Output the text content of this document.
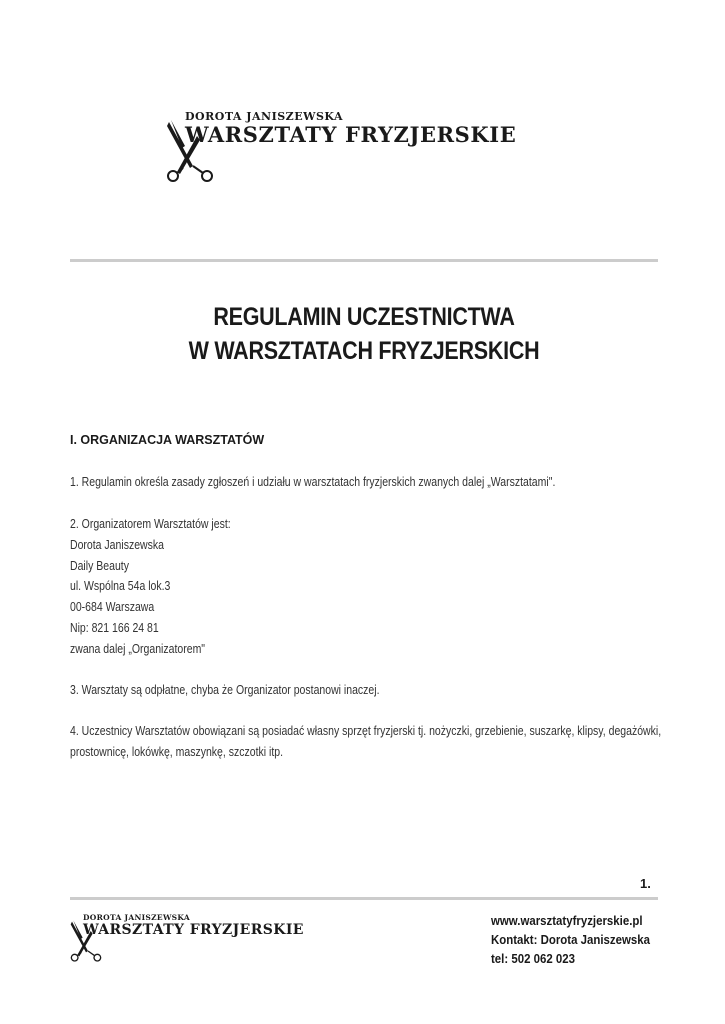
DOROTA JANISZEWSKA
WARSZTATY FRYZJERSKIE
REGULAMIN UCZESTNICTWA
W WARSZTATACH FRYZJERSKICH
I. ORGANIZACJA WARSZTATÓW
1. Regulamin określa zasady zgłoszeń i udziału w warsztatach fryzjerskich zwanych dalej „Warsztatami".
2. Organizatorem Warsztatów jest:
Dorota Janiszewska
Daily Beauty
ul. Wspólna 54a lok.3
00-684 Warszawa
Nip: 821 166 24 81
zwana dalej „Organizatorem"
3. Warsztaty są odpłatne, chyba że Organizator postanowi inaczej.
4. Uczestnicy Warsztatów obowiązani są posiadać własny sprzęt fryzjerski tj. nożyczki, grzebienie, suszarkę, klipsy, degażówki,
prostownicę, lokówkę, maszynkę, szczotki itp.
1.
DOROTA JANISZEWSKA
WARSZTATY FRYZJERSKIE
www.warsztatyfryzjerskie.pl
Kontakt: Dorota Janiszewska
tel: 502 062 023
